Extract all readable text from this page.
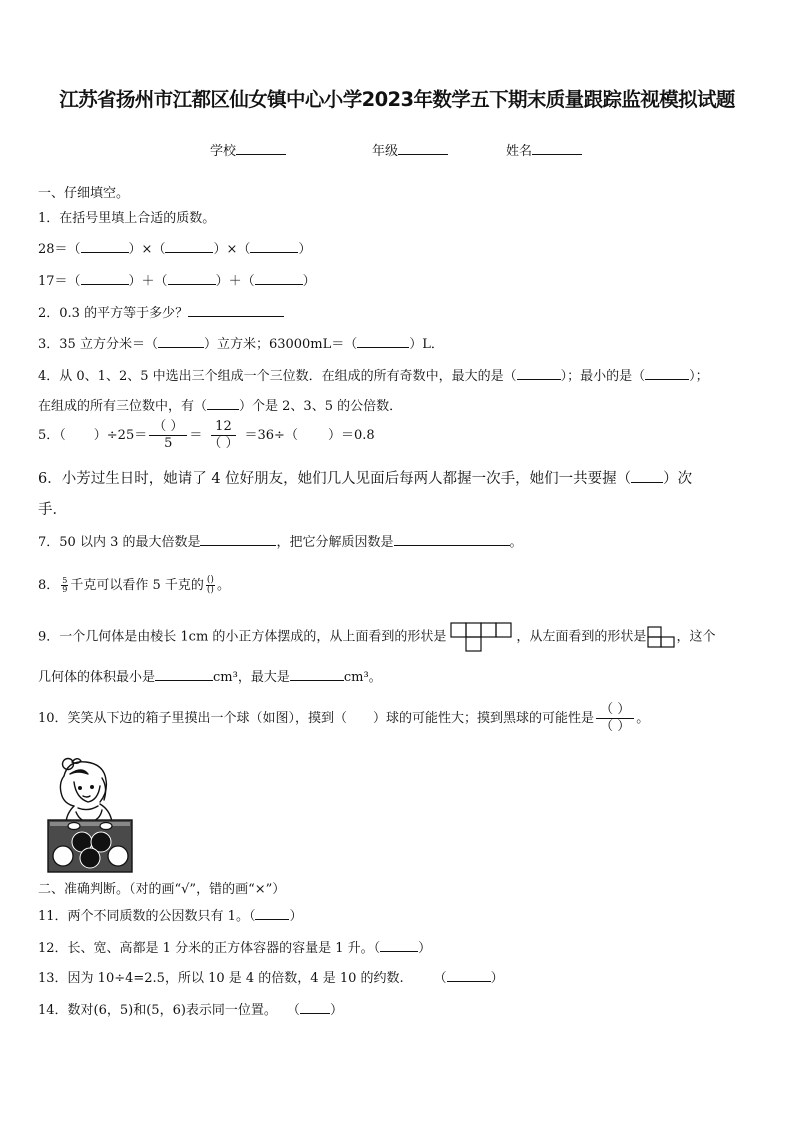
江苏省扬州市江都区仙女镇中心小学2023年数学五下期末质量跟踪监视模拟试题
学校	年级	姓名
一、仔细填空。
1．在括号里填上合适的质数。
28＝（	）×（	）×（	）
17＝（	）＋（	）＋（	）
2．0.3 的平方等于多少？
3．35 立方分米＝（	）立方米；63000mL＝（	）L．
4．从 0、1、2、5 中选出三个组成一个三位数．在组成的所有奇数中，最大的是（	）；最小的是（	）；
在组成的所有三位数中，有（ ）个是 2、3、5 的公倍数．
5．（ ）$\div 25= \frac{( )}{5} = \frac{12}{( )} =36\div$（ ）＝0.8
6．小芳过生日时，她请了 4 位好朋友，她们几人见面后每两人都握一次手，她们一共要握（ ）次
手．
7．50 以内 3 的最大倍数是	，把它分解质因数是	。
8． $\frac{5}{9}$ 千克可以看作 5 千克的 $\frac{()}{()}$ 。
9．一个几何体是由棱长 1cm 的小正方体摆成的，从上面看到的形状是	，从左面看到的形状是 ，这个
几何体的体积最小是	cm³，最大是	cm³。
10．笑笑从下边的箱子里摸出一个球（如图），摸到（ ）球的可能性大；摸到黑球的可能性是 $\frac{( )}{( )}$ 。
二、准确判断。（对的画“√”，错的画“×”）
11．两个不同质数的公因数只有 1。（	）
12．长、宽、高都是 1 分米的正方体容器的容量是 1 升。（	）
13．因为 10÷4=2.5，所以 10 是 4 的倍数，4 是 10 的约数. （	）
14．数对(6，5)和(5，6)表示同一位置。 （ ）
